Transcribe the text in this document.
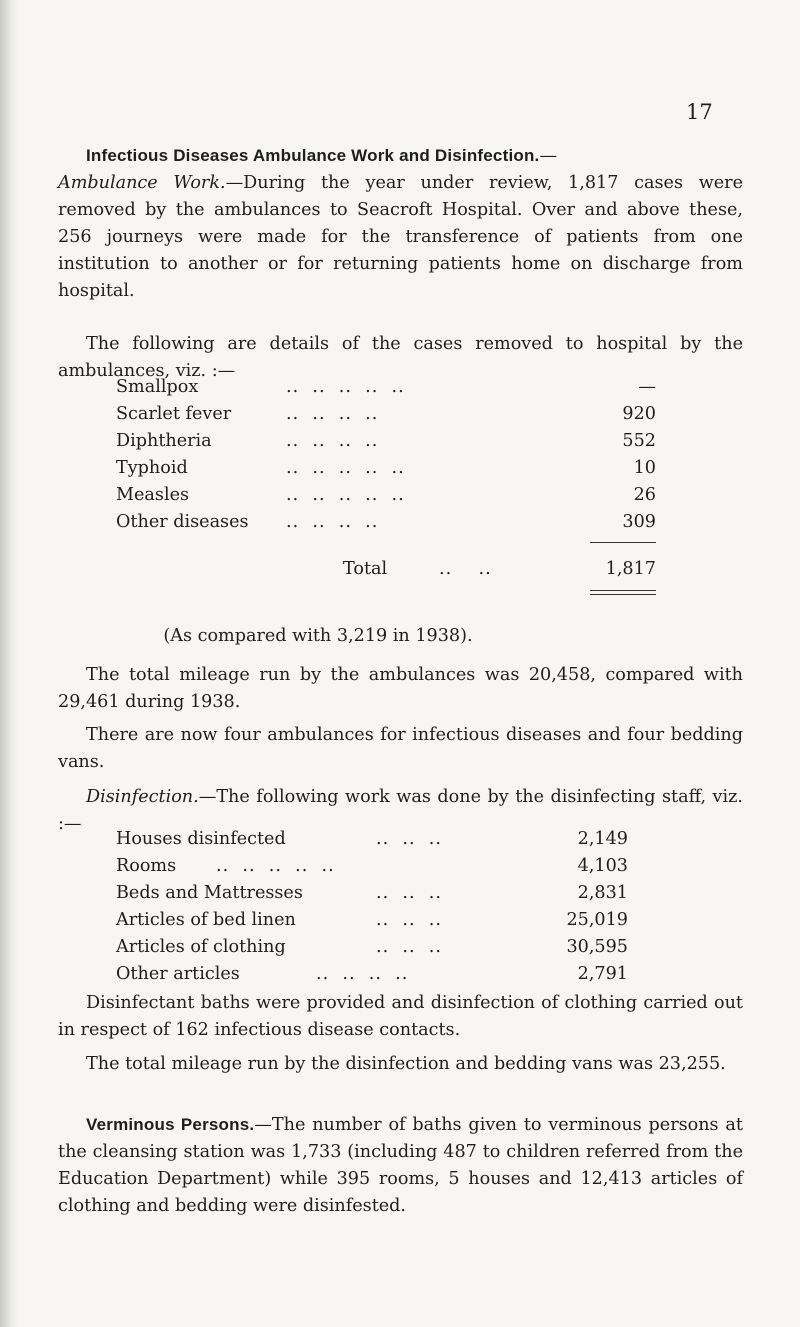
17
Infectious Diseases Ambulance Work and Disinfection.—
Ambulance Work.—During the year under review, 1,817 cases were removed by the ambulances to Seacroft Hospital. Over and above these, 256 journeys were made for the transference of patients from one institution to another or for returning patients home on discharge from hospital.
The following are details of the cases removed to hospital by the ambulances, viz. :—
Smallpox	..  ..  ..  ..  ..	—
Scarlet fever	..  ..  ..  ..	920
Diphtheria	..  ..  ..  ..	552
Typhoid	..  ..  ..  ..  ..	10
Measles	..  ..  ..  ..  ..	26
Other diseases ..  ..  ..  ..	309
Total	..    ..	1,817
(As compared with 3,219 in 1938).
The total mileage run by the ambulances was 20,458, compared with 29,461 during 1938.
There are now four ambulances for infectious diseases and four bedding vans.
Disinfection.—The following work was done by the disinfecting staff, viz. :—
Houses disinfected	..  ..  ..	2,149
Rooms ..  ..  ..  ..  ..	4,103
Beds and Mattresses	..  ..  ..	2,831
Articles of bed linen	..  ..  ..	25,019
Articles of clothing	..  ..  ..	30,595
Other articles	..  ..  ..  ..	2,791
Disinfectant baths were provided and disinfection of clothing carried out in respect of 162 infectious disease contacts.
The total mileage run by the disinfection and bedding vans was 23,255.
Verminous Persons.—The number of baths given to verminous persons at the cleansing station was 1,733 (including 487 to children referred from the Education Department) while 395 rooms, 5 houses and 12,413 articles of clothing and bedding were disinfested.
